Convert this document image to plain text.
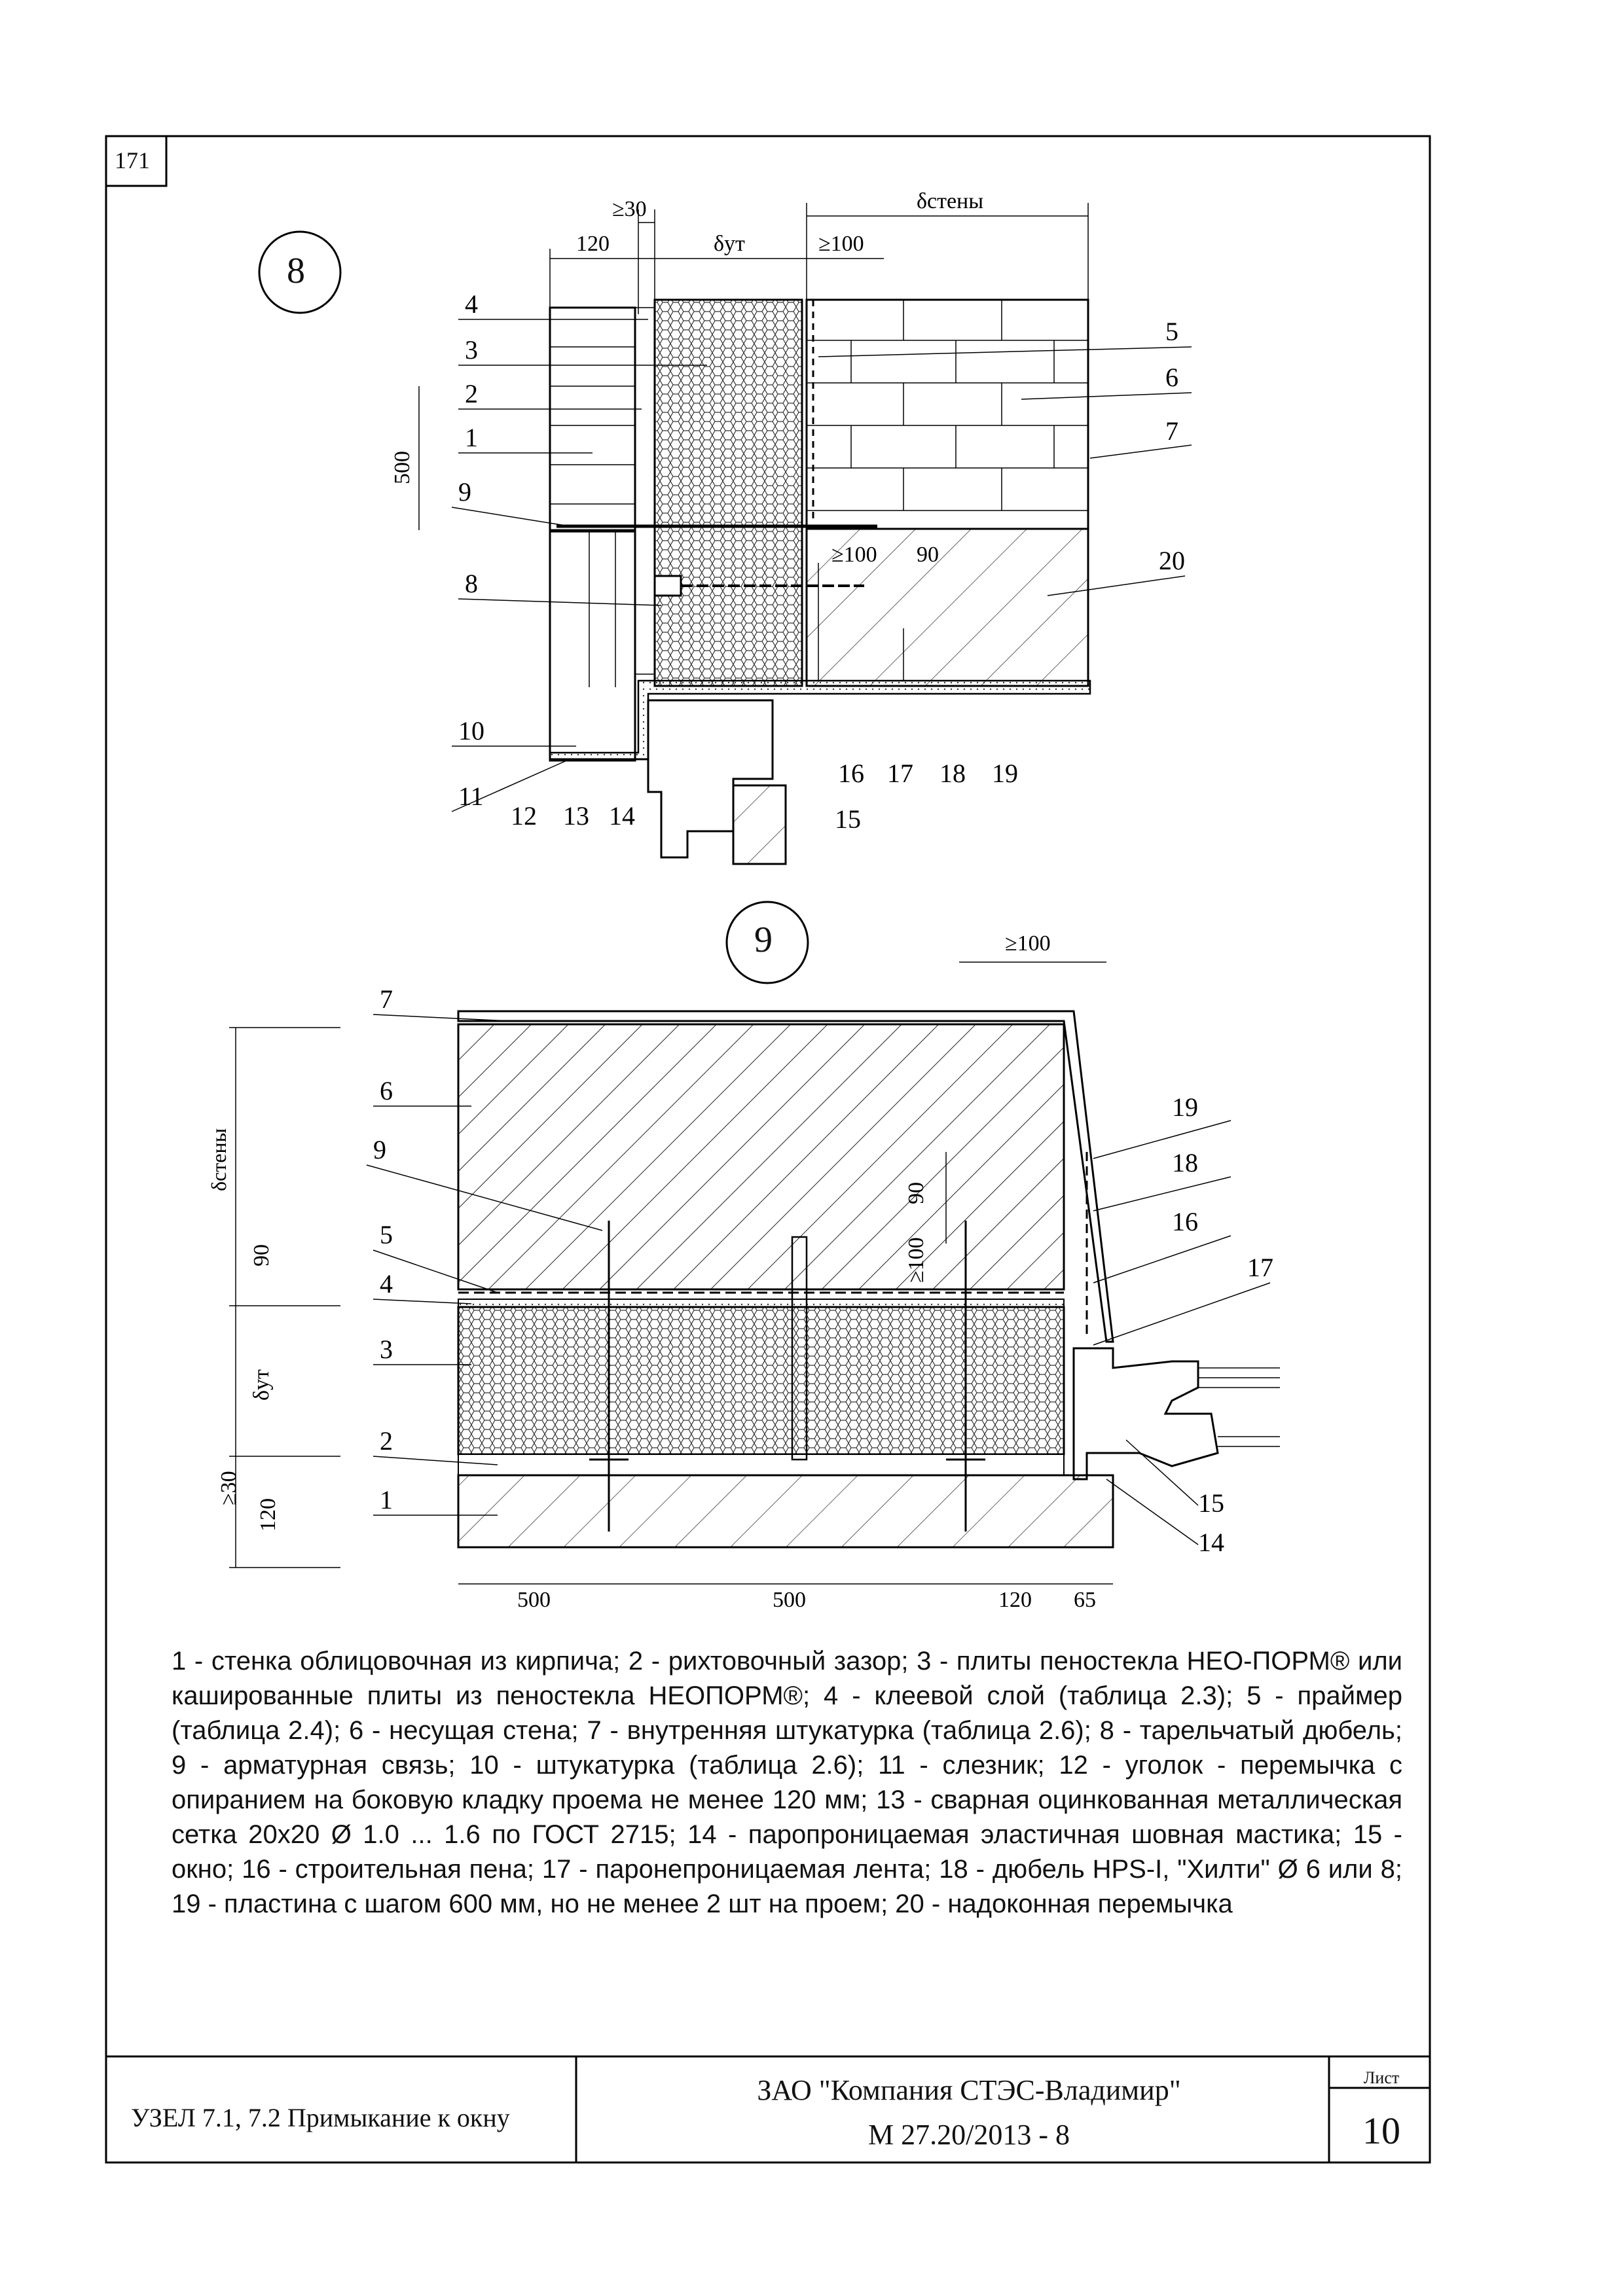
≥30
120	δут	≥100
δстены
500
≥100 90
4
3
2
1
9
8
10
11
12 13 14
5
6
7
20
16 17 18 19
15
δстены
90
δут
≥30
120
90
≥100
≥100
500	500	120 65
7
6
9
5
4
3
2
1
19
18
16
17
15
14
171
8
9
1 - стенка облицовочная из кирпича; 2 - рихтовочный зазор; 3 - плиты пеностекла НЕО-ПОРМ® или кашированные плиты из пеностекла НЕОПОРМ®; 4 - клеевой слой (таблица 2.3); 5 - праймер (таблица 2.4); 6 - несущая стена; 7 - внутренняя штукатурка (таблица 2.6); 8 - тарельчатый дюбель; 9 - арматурная связь; 10 - штукатурка (таблица 2.6); 11 - слезник; 12 - уголок - перемычка с опиранием на боковую кладку проема не менее 120 мм; 13 - сварная оцинкованная металлическая сетка 20х20 Ø 1.0 ... 1.6 по ГОСТ 2715; 14 - паропроницаемая эластичная шовная мастика; 15 - окно; 16 - строительная пена; 17 - паронепроницаемая лента; 18 - дюбель HPS-I, "Хилти" Ø 6 или 8; 19 - пластина с шагом 600 мм, но не менее 2 шт на проем; 20 - надоконная перемычка
УЗЕЛ 7.1, 7.2 Примыкание к окну
ЗАО "Компания СТЭС-Владимир"
М 27.20/2013 - 8
Лист
10
